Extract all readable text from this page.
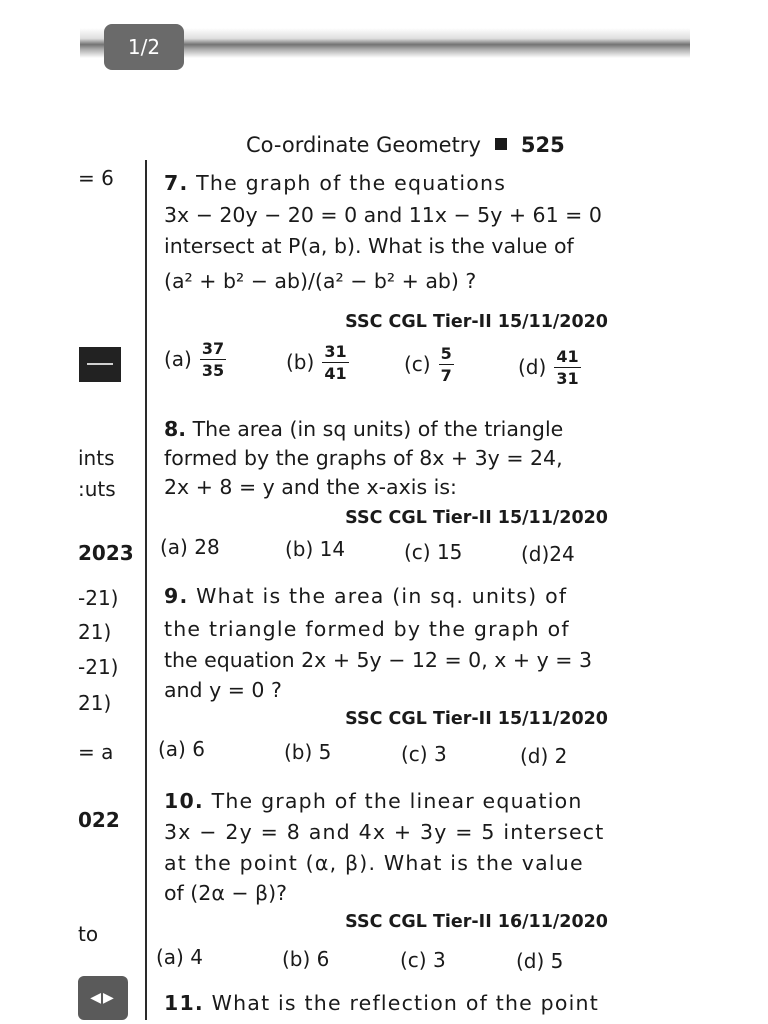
1/2
Co-ordinate Geometry 525
= 6
ints
:uts
2023
-21)
21)
-21)
21)
= a
022
to
◀▶
7. The graph of the equations
3x − 20y − 20 = 0 and 11x − 5y + 61 = 0
intersect at P(a, b). What is the value of
(a² + b² − ab)/(a² − b² + ab) ?
SSC CGL Tier-II 15/11/2020
$(a) \frac{37}{35}$	$(b) \frac{31}{41}$	$(c) \frac{5}{7}$	$(d) \frac{41}{31}$
8. The area (in sq units) of the triangle
formed by the graphs of 8x + 3y = 24,
2x + 8 = y and the x-axis is:
SSC CGL Tier-II 15/11/2020
(a) 28	(b) 14	(c) 15	(d)24
9. What is the area (in sq. units) of
the triangle formed by the graph of
the equation 2x + 5y − 12 = 0, x + y = 3
and y = 0 ?
SSC CGL Tier-II 15/11/2020
(a) 6	(b) 5	(c) 3	(d) 2
10. The graph of the linear equation
3x − 2y = 8 and 4x + 3y = 5 intersect
at the point (α, β). What is the value
of (2α − β)?
SSC CGL Tier-II 16/11/2020
(a) 4	(b) 6	(c) 3	(d) 5
11. What is the reflection of the point
